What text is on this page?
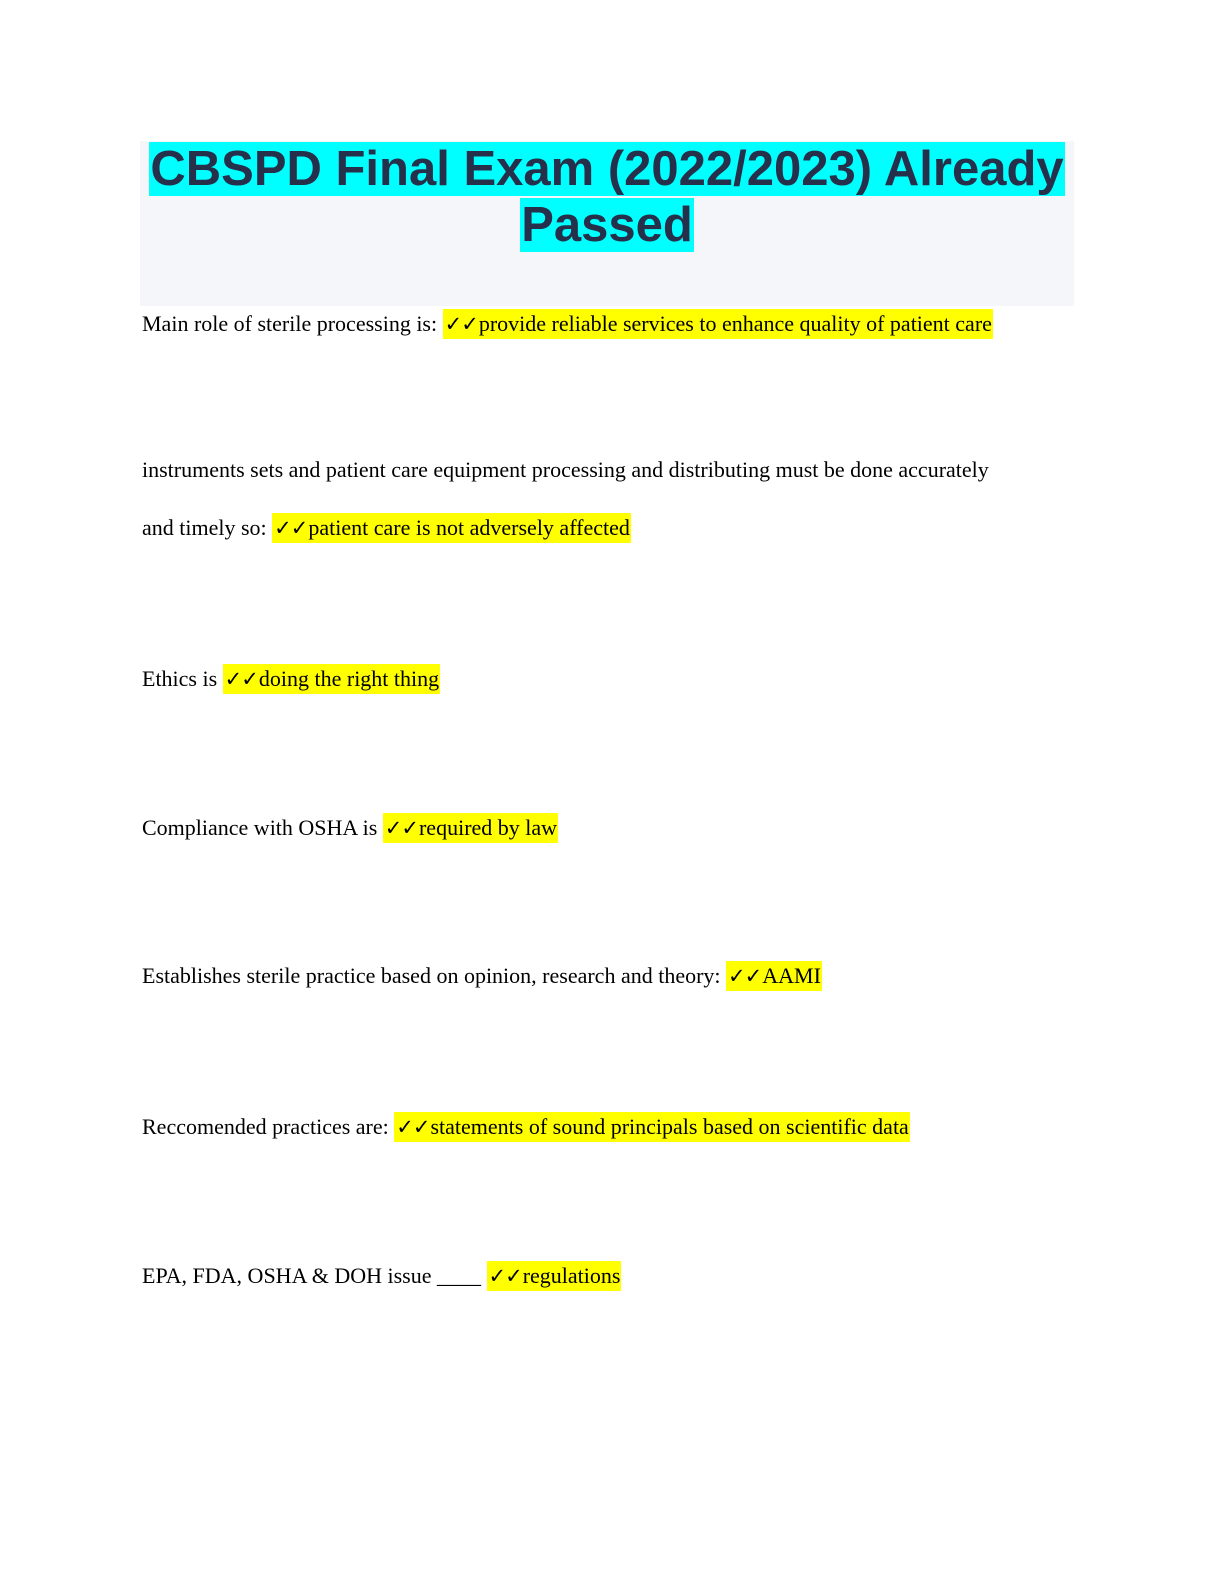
CBSPD Final Exam (2022/2023) Already
Passed

Main role of sterile processing is: ✓✓provide reliable services to enhance quality of patient care

instruments sets and patient care equipment processing and distributing must be done accurately

and timely so: ✓✓patient care is not adversely affected

Ethics is ✓✓doing the right thing

Compliance with OSHA is ✓✓required by law

Establishes sterile practice based on opinion, research and theory: ✓✓AAMI

Reccomended practices are: ✓✓statements of sound principals based on scientific data

EPA, FDA, OSHA & DOH issue ____ ✓✓regulations
